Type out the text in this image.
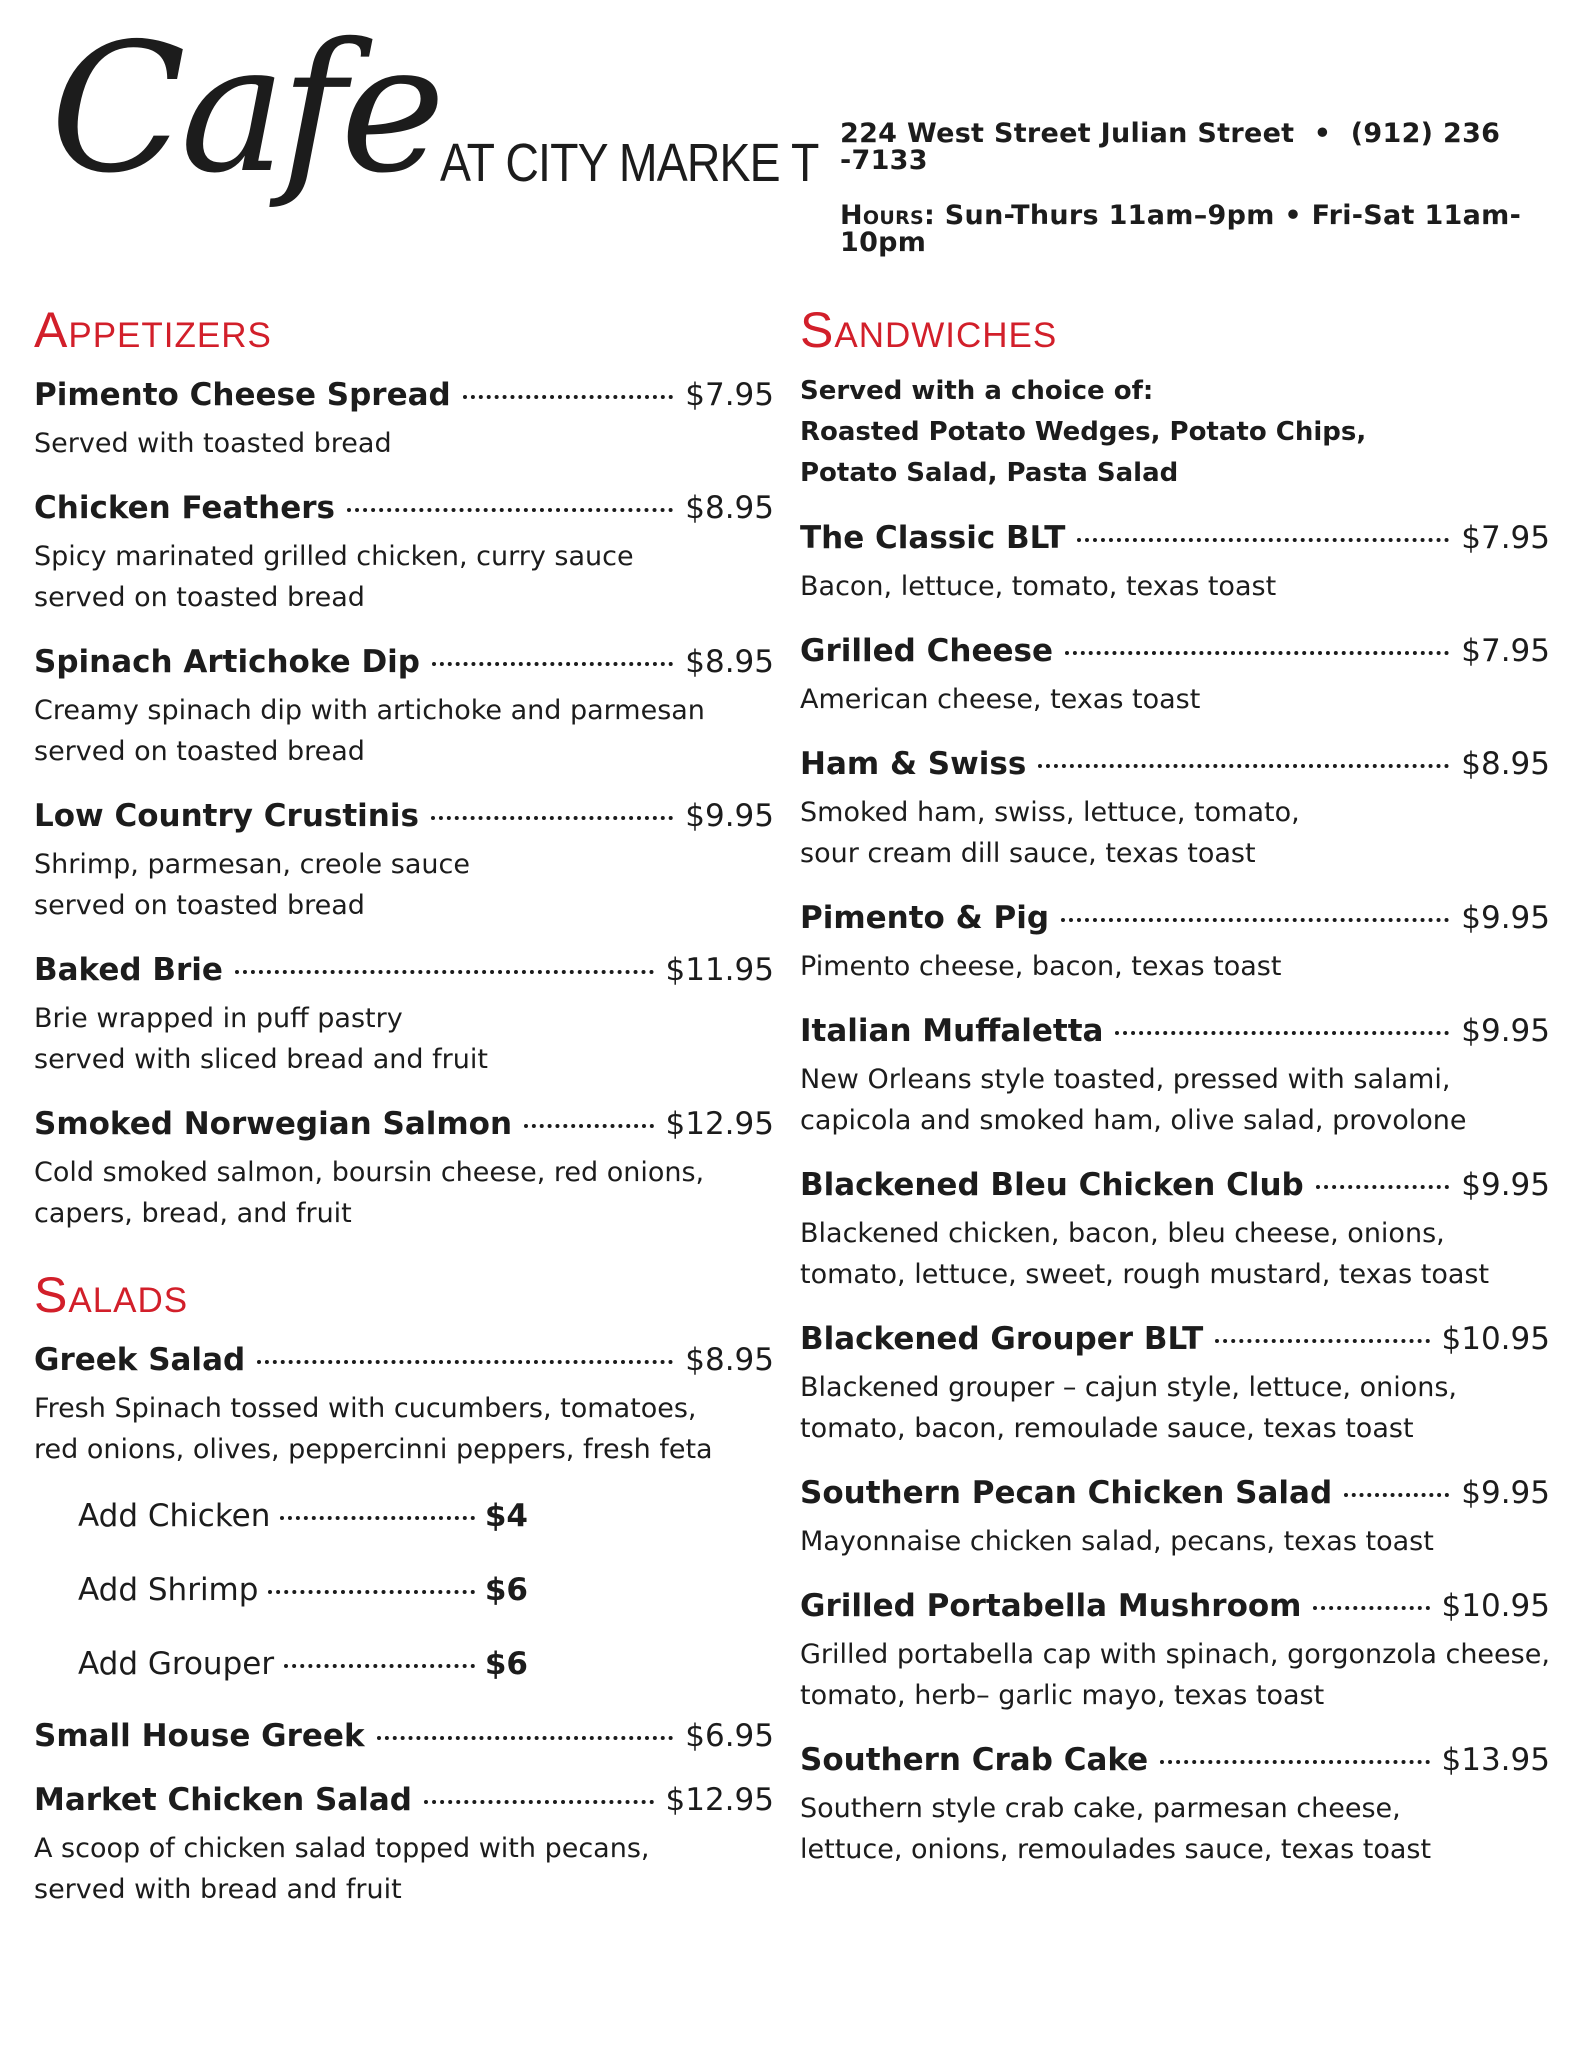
Cafe AT CITY MARKE T 224 West Street Julian Street • (912) 236 -7133
Hours: Sun-Thurs 11am–9pm • Fri-Sat 11am-10pm
Appetizers
Pimento Cheese Spread	$7.95
Served with toasted bread
Chicken Feathers	$8.95
Spicy marinated grilled chicken, curry sauce
served on toasted bread
Spinach Artichoke Dip	$8.95
Creamy spinach dip with artichoke and parmesan
served on toasted bread
Low Country Crustinis	$9.95
Shrimp, parmesan, creole sauce
served on toasted bread
Baked Brie	$11.95
Brie wrapped in puff pastry
served with sliced bread and fruit
Smoked Norwegian Salmon	$12.95
Cold smoked salmon, boursin cheese, red onions,
capers, bread, and fruit
Salads
Greek Salad	$8.95
Fresh Spinach tossed with cucumbers, tomatoes,
red onions, olives, peppercinni peppers, fresh feta
Add Chicken	$4
Add Shrimp	$6
Add Grouper	$6
Small House Greek	$6.95
Market Chicken Salad	$12.95
A scoop of chicken salad topped with pecans,
served with bread and fruit
Sandwiches
Served with a choice of:
Roasted Potato Wedges, Potato Chips,
Potato Salad, Pasta Salad
The Classic BLT	$7.95
Bacon, lettuce, tomato, texas toast
Grilled Cheese	$7.95
American cheese, texas toast
Ham & Swiss	$8.95
Smoked ham, swiss, lettuce, tomato,
sour cream dill sauce, texas toast
Pimento & Pig	$9.95
Pimento cheese, bacon, texas toast
Italian Muffaletta	$9.95
New Orleans style toasted, pressed with salami,
capicola and smoked ham, olive salad, provolone
Blackened Bleu Chicken Club	$9.95
Blackened chicken, bacon, bleu cheese, onions,
tomato, lettuce, sweet, rough mustard, texas toast
Blackened Grouper BLT	$10.95
Blackened grouper – cajun style, lettuce, onions,
tomato, bacon, remoulade sauce, texas toast
Southern Pecan Chicken Salad	$9.95
Mayonnaise chicken salad, pecans, texas toast
Grilled Portabella Mushroom	$10.95
Grilled portabella cap with spinach, gorgonzola cheese,
tomato, herb– garlic mayo, texas toast
Southern Crab Cake	$13.95
Southern style crab cake, parmesan cheese,
lettuce, onions, remoulades sauce, texas toast
